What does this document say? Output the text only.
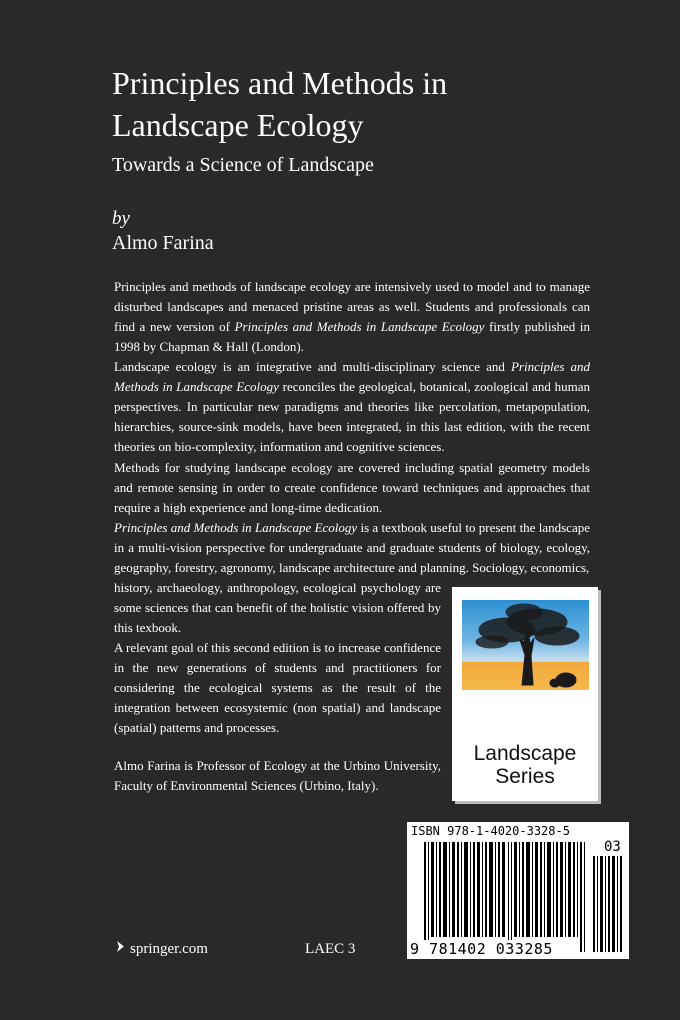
Principles and Methods in Landscape Ecology
Towards a Science of Landscape
by
Almo Farina

Principles and methods of landscape ecology are intensively used to model and to manage disturbed landscapes and menaced pristine areas as well. Students and professionals can find a new version of Principles and Methods in Landscape Ecology firstly published in 1998 by Chapman & Hall (London).

Landscape ecology is an integrative and multi-disciplinary science and Principles and Methods in Landscape Ecology reconciles the geological, botanical, zoological and human perspectives. In particular new paradigms and theories like percolation, metapopulation, hierarchies, source-sink models, have been integrated, in this last edition, with the recent theories on bio-complexity, information and cognitive sciences.

Methods for studying landscape ecology are covered including spatial geometry models and remote sensing in order to create confidence toward techniques and approaches that require a high experience and long-time dedication.

Principles and Methods in Landscape Ecology is a textbook useful to present the landscape in a multi-vision perspective for undergraduate and graduate students of biology, ecology, geography, forestry, agronomy, landscape architecture and planning. Sociology, economics,

history, archaeology, anthropology, ecological psychology are some sciences that can benefit of the holistic vision offered by this texbook.

A relevant goal of this second edition is to increase confidence in the new generations of students and practitioners for considering the ecological systems as the result of the integration between ecosystemic (non spatial) and landscape (spatial) patterns and processes.

Almo Farina is Professor of Ecology at the Urbino University, Faculty of Environmental Sciences (Urbino, Italy).

Landscape
Series
ISBN 978-1-4020-3328-5
03
9 781402 033285
springer.com	LAEC 3
